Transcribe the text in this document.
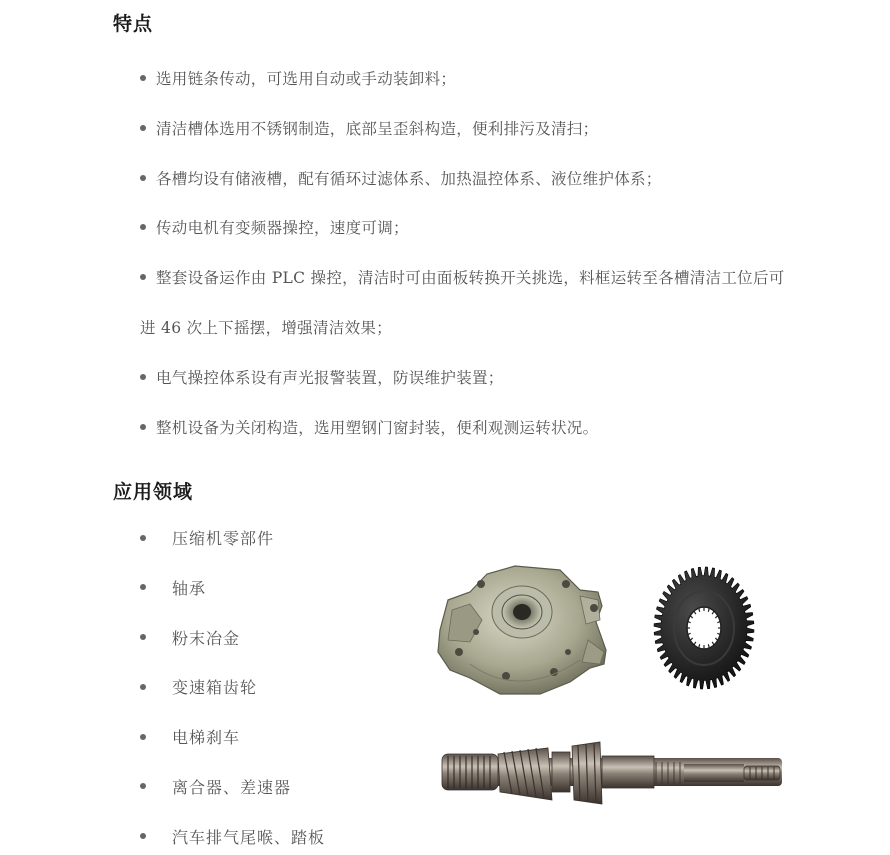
特点
选用链条传动，可选用自动或手动装卸料；
清洁槽体选用不锈钢制造，底部呈歪斜构造，便利排污及清扫；
各槽均设有储液槽，配有循环过滤体系、加热温控体系、液位维护体系；
传动电机有变频器操控，速度可调；
整套设备运作由 PLC 操控，清洁时可由面板转换开关挑选，料框运转至各槽清洁工位后可进 46 次上下摇摆，增强清洁效果；
电气操控体系设有声光报警装置，防误维护装置；
整机设备为关闭构造，选用塑钢门窗封装，便利观测运转状况。
应用领域
压缩机零部件
轴承
粉末冶金
变速箱齿轮
电梯刹车
离合器、差速器
汽车排气尾喉、踏板
